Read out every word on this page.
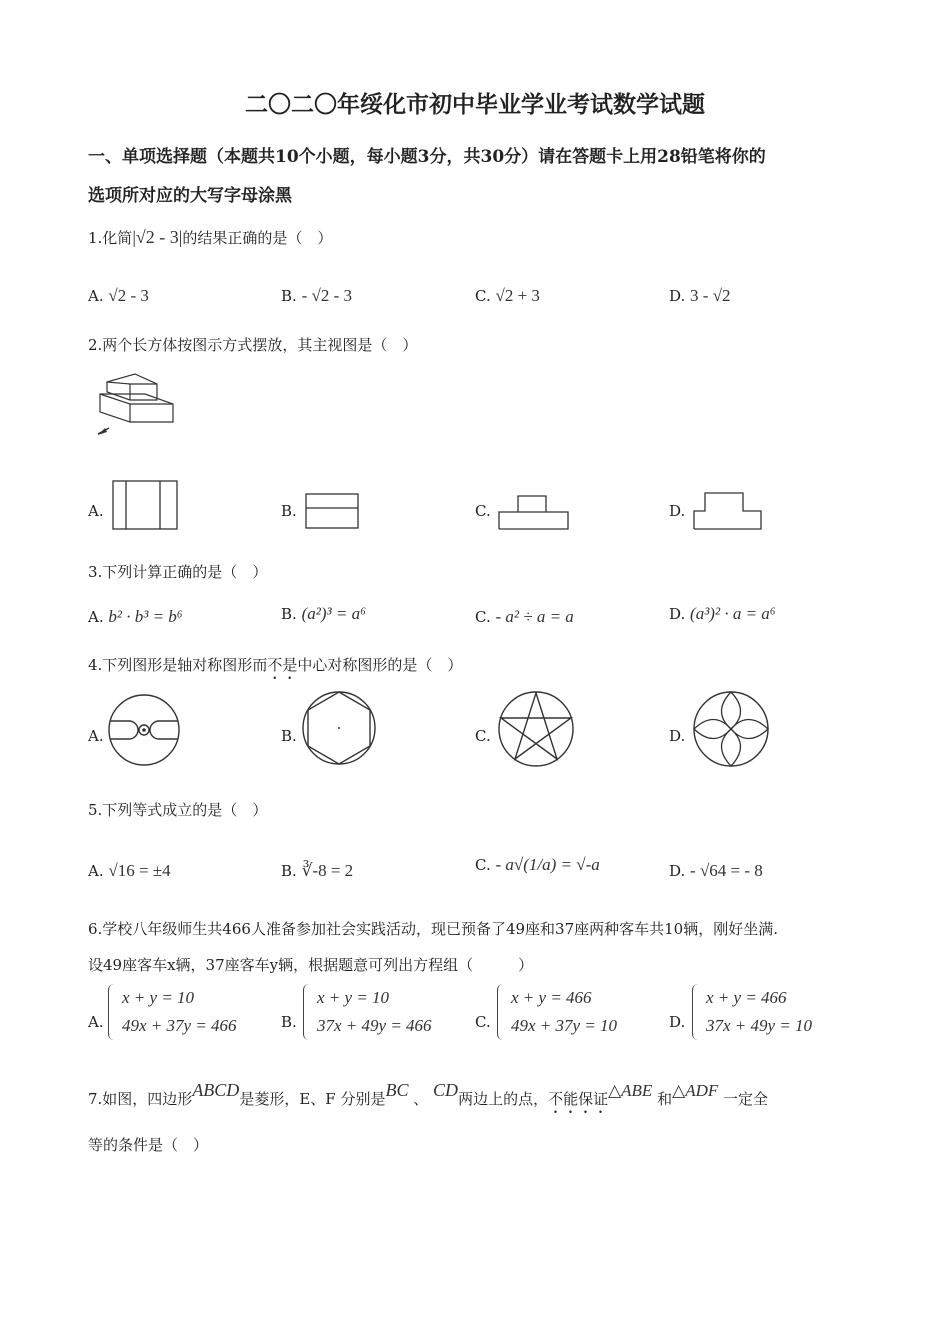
二〇二〇年绥化市初中毕业学业考试数学试题
一、单项选择题（本题共10个小题，每小题3分，共30分）请在答题卡上用28铅笔将你的
选项所对应的大写字母涂黑
1.化简|√2 - 3|的结果正确的是（　）
A. √2 - 3	B. - √2 - 3	C. √2 + 3	D. 3 - √2
2.两个长方体按图示方式摆放，其主视图是（　）
A.	B.	C.	D.
3.下列计算正确的是（　）
A. b² · b³ = b⁶	B. (a²)³ = a⁶	C. - a² ÷ a = a	D. (a³)² · a = a⁶
4.下列图形是轴对称图形而不是中心对称图形的是（　）
A.	B.	C.	D.
5.下列等式成立的是（　）
A. √16 = ±4	B. ∛-8 = 2	C. - a√(1/a) = √-a	D. - √64 = - 8
6.学校八年级师生共466人准备参加社会实践活动，现已预备了49座和37座两种客车共10辆，刚好坐满.
设49座客车x辆，37座客车y辆，根据题意可列出方程组（　　　）
A.
x + y = 10
49x + 37y = 466	B.
x + y = 10
37x + 49y = 466	C.
x + y = 466
49x + 37y = 10	D.
x + y = 466
37x + 49y = 10
7.如图，四边形ABCD是菱形，E、F 分别是BC 、 CD两边上的点，不能保证△ABE 和△ADF 一定全
等的条件是（　）
